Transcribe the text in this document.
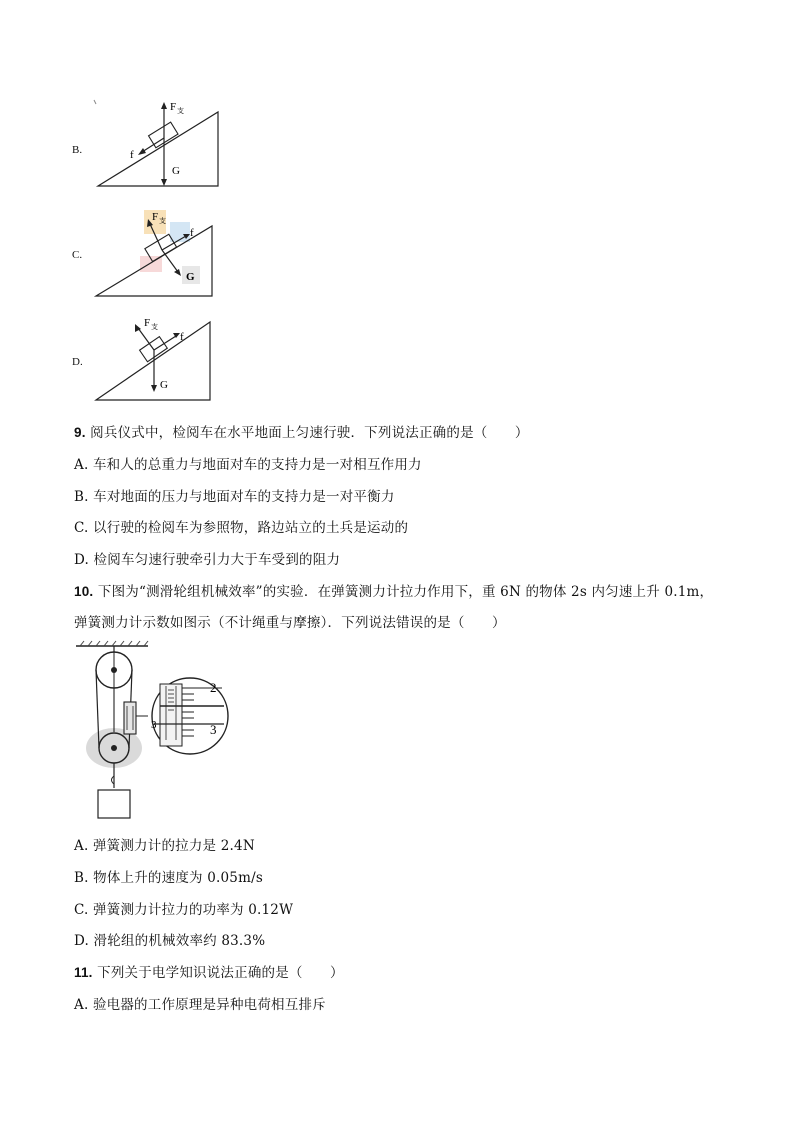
B.
F 支
f
G
C.
F 支
f
G
D.
F 支
f
G
9. 阅兵仪式中，检阅车在水平地面上匀速行驶．下列说法正确的是（　　）
A. 车和人的总重力与地面对车的支持力是一对相互作用力
B. 车对地面的压力与地面对车的支持力是一对平衡力
C. 以行驶的检阅车为参照物，路边站立的土兵是运动的
D. 检阅车匀速行驶牵引力大于车受到的阻力
10. 下图为“测滑轮组机械效率”的实验．在弹簧测力计拉力作用下，重 6N 的物体 2s 内匀速上升 0.1m，
弹簧测力计示数如图示（不计绳重与摩擦）．下列说法错误的是（　　）
2
3
3
A. 弹簧测力计的拉力是 2.4N
B. 物体上升的速度为 0.05m/s
C. 弹簧测力计拉力的功率为 0.12W
D. 滑轮组的机械效率约 83.3%
11. 下列关于电学知识说法正确的是（　　）
A. 验电器的工作原理是异种电荷相互排斥
